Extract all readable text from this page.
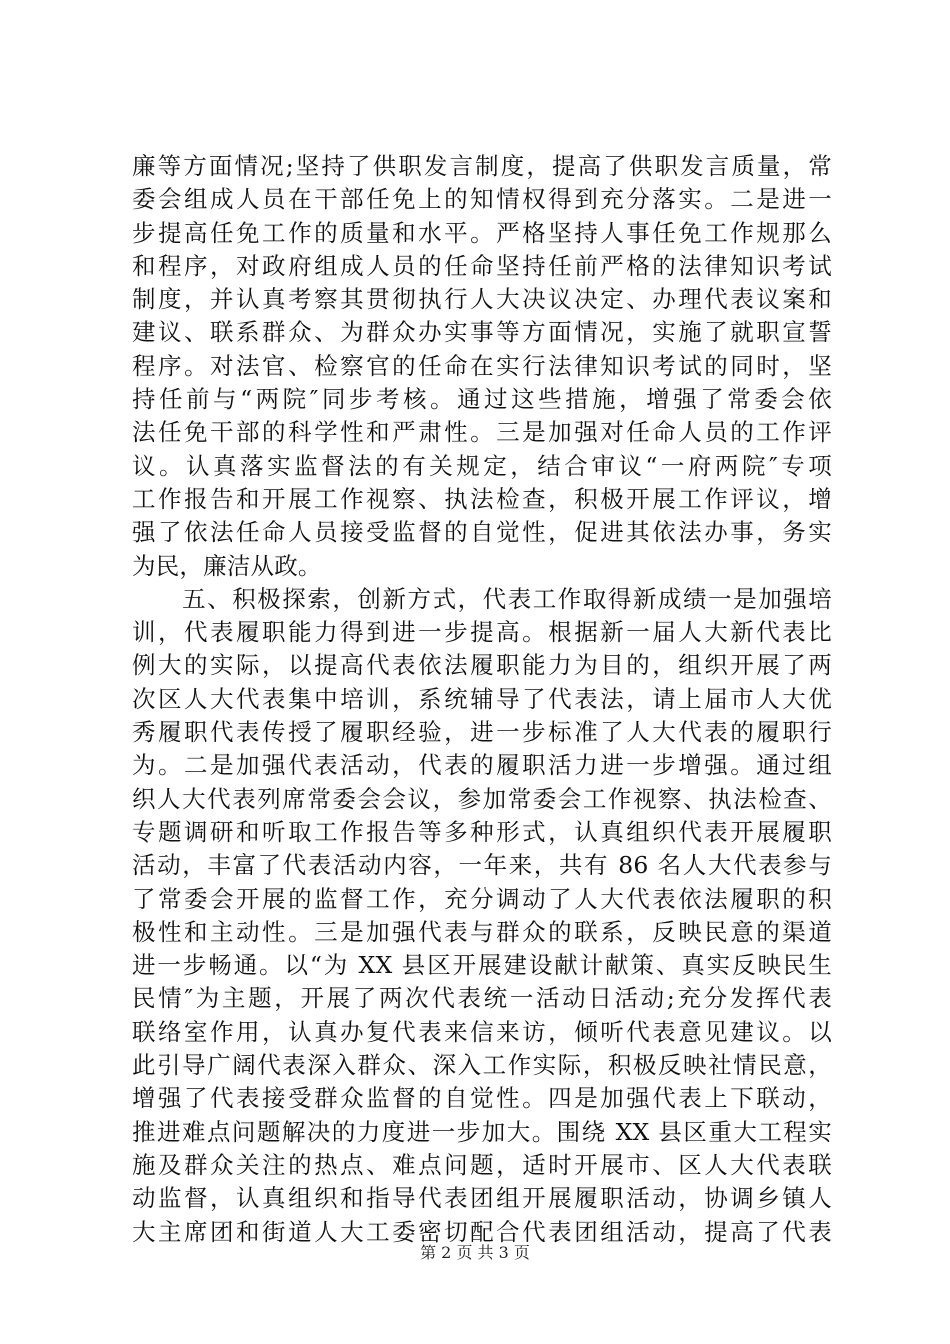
廉等方面情况;坚持了供职发言制度，提高了供职发言质量，常
委会组成人员在干部任免上的知情权得到充分落实。二是进一
步提高任免工作的质量和水平。严格坚持人事任免工作规那么
和程序，对政府组成人员的任命坚持任前严格的法律知识考试
制度，并认真考察其贯彻执行人大决议决定、办理代表议案和
建议、联系群众、为群众办实事等方面情况，实施了就职宣誓
程序。对法官、检察官的任命在实行法律知识考试的同时，坚
持任前与“两院″同步考核。通过这些措施，增强了常委会依
法任免干部的科学性和严肃性。三是加强对任命人员的工作评
议。认真落实监督法的有关规定，结合审议“一府两院″专项
工作报告和开展工作视察、执法检查，积极开展工作评议，增
强了依法任命人员接受监督的自觉性，促进其依法办事，务实
为民，廉洁从政。
　　五、积极探索，创新方式，代表工作取得新成绩一是加强培
训，代表履职能力得到进一步提高。根据新一届人大新代表比
例大的实际，以提高代表依法履职能力为目的，组织开展了两
次区人大代表集中培训，系统辅导了代表法，请上届市人大优
秀履职代表传授了履职经验，进一步标准了人大代表的履职行
为。二是加强代表活动，代表的履职活力进一步增强。通过组
织人大代表列席常委会会议，参加常委会工作视察、执法检查、
专题调研和听取工作报告等多种形式，认真组织代表开展履职
活动，丰富了代表活动内容，一年来，共有 86 名人大代表参与
了常委会开展的监督工作，充分调动了人大代表依法履职的积
极性和主动性。三是加强代表与群众的联系，反映民意的渠道
进一步畅通。以“为 XX 县区开展建设献计献策、真实反映民生
民情″为主题，开展了两次代表统一活动日活动;充分发挥代表
联络室作用，认真办复代表来信来访，倾听代表意见建议。以
此引导广阔代表深入群众、深入工作实际，积极反映社情民意，
增强了代表接受群众监督的自觉性。四是加强代表上下联动，
推进难点问题解决的力度进一步加大。围绕 XX 县区重大工程实
施及群众关注的热点、难点问题，适时开展市、区人大代表联
动监督，认真组织和指导代表团组开展履职活动，协调乡镇人
大主席团和街道人大工委密切配合代表团组活动，提高了代表
第 2 页 共 3 页
